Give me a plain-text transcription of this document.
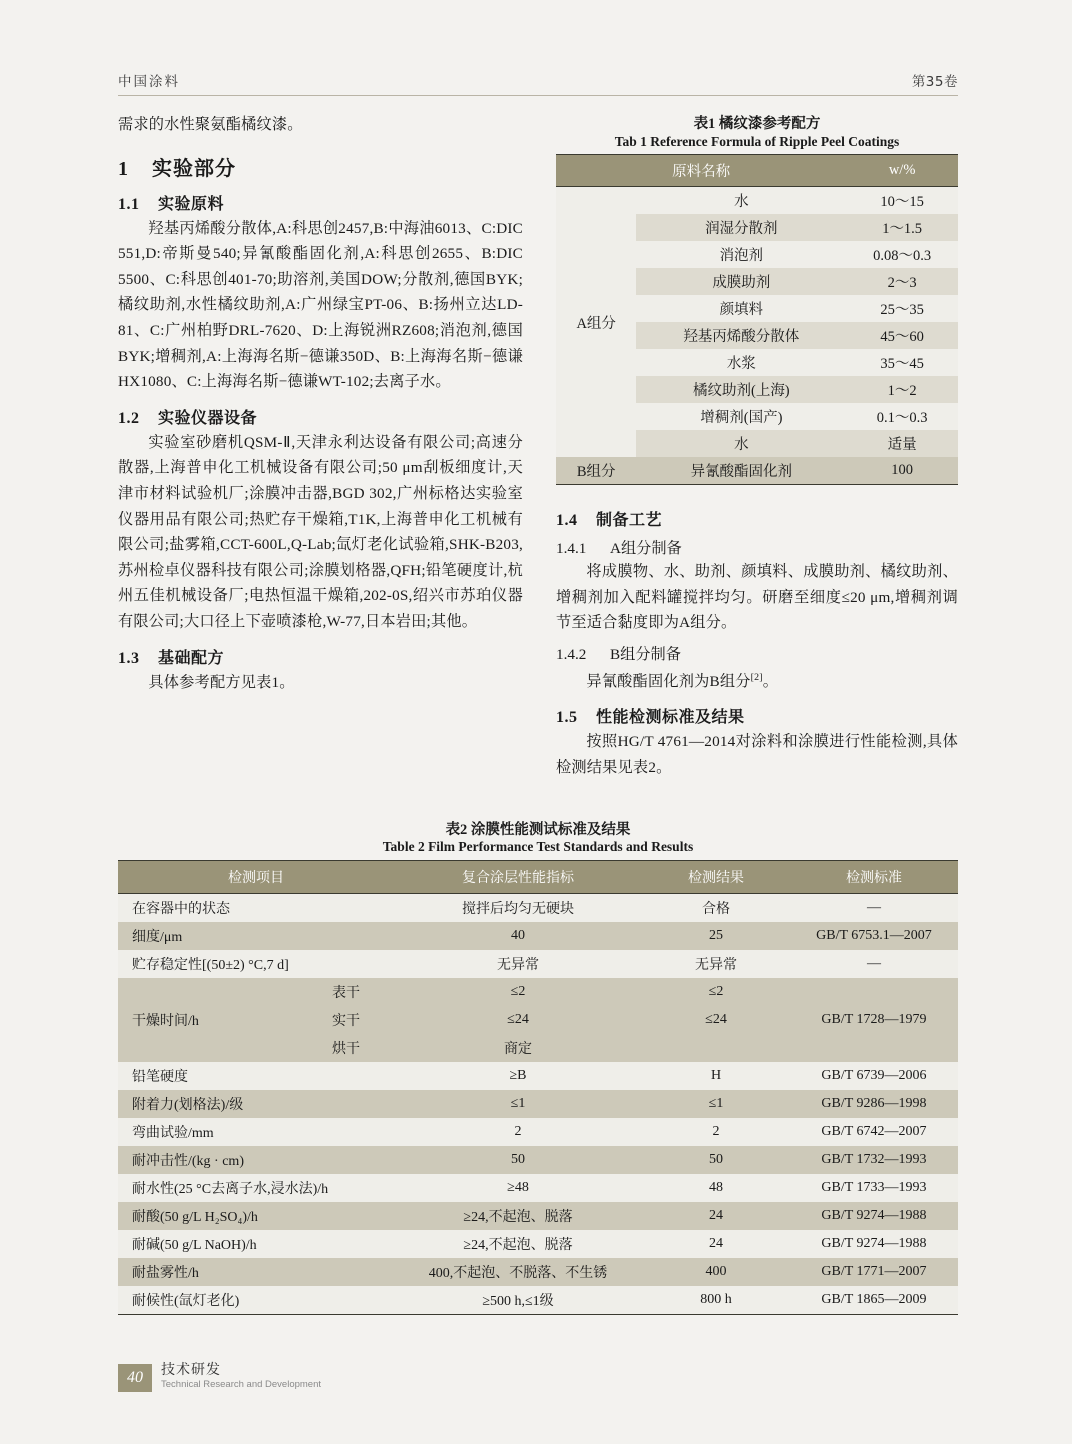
中国涂料	第35卷
需求的水性聚氨酯橘纹漆。
1 实验部分
1.1 实验原料
羟基丙烯酸分散体,A:科思创2457,B:中海油6013、C:DIC 551,D:帝斯曼540;异氰酸酯固化剂,A:科思创2655、B:DIC 5500、C:科思创401-70;助溶剂,美国DOW;分散剂,德国BYK;橘纹助剂,水性橘纹助剂,A:广州绿宝PT-06、B:扬州立达LD-81、C:广州柏野DRL-7620、D:上海锐洲RZ608;消泡剂,德国BYK;增稠剂,A:上海海名斯−德谦350D、B:上海海名斯−德谦HX1080、C:上海海名斯−德谦WT-102;去离子水。
1.2 实验仪器设备
实验室砂磨机QSM-Ⅱ,天津永利达设备有限公司;高速分散器,上海普申化工机械设备有限公司;50 μm刮板细度计,天津市材料试验机厂;涂膜冲击器,BGD 302,广州标格达实验室仪器用品有限公司;热贮存干燥箱,T1K,上海普申化工机械有限公司;盐雾箱,CCT-600L,Q-Lab;氙灯老化试验箱,SHK-B203,苏州检卓仪器科技有限公司;涂膜划格器,QFH;铅笔硬度计,杭州五佳机械设备厂;电热恒温干燥箱,202-0S,绍兴市苏珀仪器有限公司;大口径上下壶喷漆枪,W-77,日本岩田;其他。
1.3 基础配方
具体参考配方见表1。
表1 橘纹漆参考配方
Tab 1 Reference Formula of Ripple Peel Coatings
原料名称		w/%
A组分	水	10～15
	润湿分散剂	1～1.5
	消泡剂	0.08～0.3
	成膜助剂	2～3
	颜填料	25～35
	羟基丙烯酸分散体	45～60
	水浆	35～45
	橘纹助剂(上海)	1～2
	增稠剂(国产)	0.1～0.3
	水	适量
B组分	异氰酸酯固化剂	100
1.4 制备工艺
1.4.1 A组分制备
将成膜物、水、助剂、颜填料、成膜助剂、橘纹助剂、增稠剂加入配料罐搅拌均匀。研磨至细度≤20 μm,增稠剂调节至适合黏度即为A组分。
1.4.2 B组分制备
异氰酸酯固化剂为B组分[2]。
1.5 性能检测标准及结果
按照HG/T 4761—2014对涂料和涂膜进行性能检测,具体检测结果见表2。
表2 涂膜性能测试标准及结果
Table 2 Film Performance Test Standards and Results
检测项目		复合涂层性能指标	检测结果	检测标准
在容器中的状态		搅拌后均匀无硬块	合格	—
细度/μm		40	25	GB/T 6753.1—2007
贮存稳定性[(50±2) °C,7 d]		无异常	无异常	—
干燥时间/h	表干	≤2	≤2	GB/T 1728—1979
	实干	≤24	≤24	
	烘干	商定		
铅笔硬度		≥B	H	GB/T 6739—2006
附着力(划格法)/级		≤1	≤1	GB/T 9286—1998
弯曲试验/mm		2	2	GB/T 6742—2007
耐冲击性/(kg · cm)		50	50	GB/T 1732—1993
耐水性(25 °C去离子水,浸水法)/h		≥48	48	GB/T 1733—1993
耐酸(50 g/L H₂SO₄)/h		≥24,不起泡、脱落	24	GB/T 9274—1988
耐碱(50 g/L NaOH)/h		≥24,不起泡、脱落	24	GB/T 9274—1988
耐盐雾性/h		400,不起泡、不脱落、不生锈	400	GB/T 1771—2007
耐候性(氙灯老化)		≥500 h,≤1级	800 h	GB/T 1865—2009
40	技术研发
Technical Research and Development
